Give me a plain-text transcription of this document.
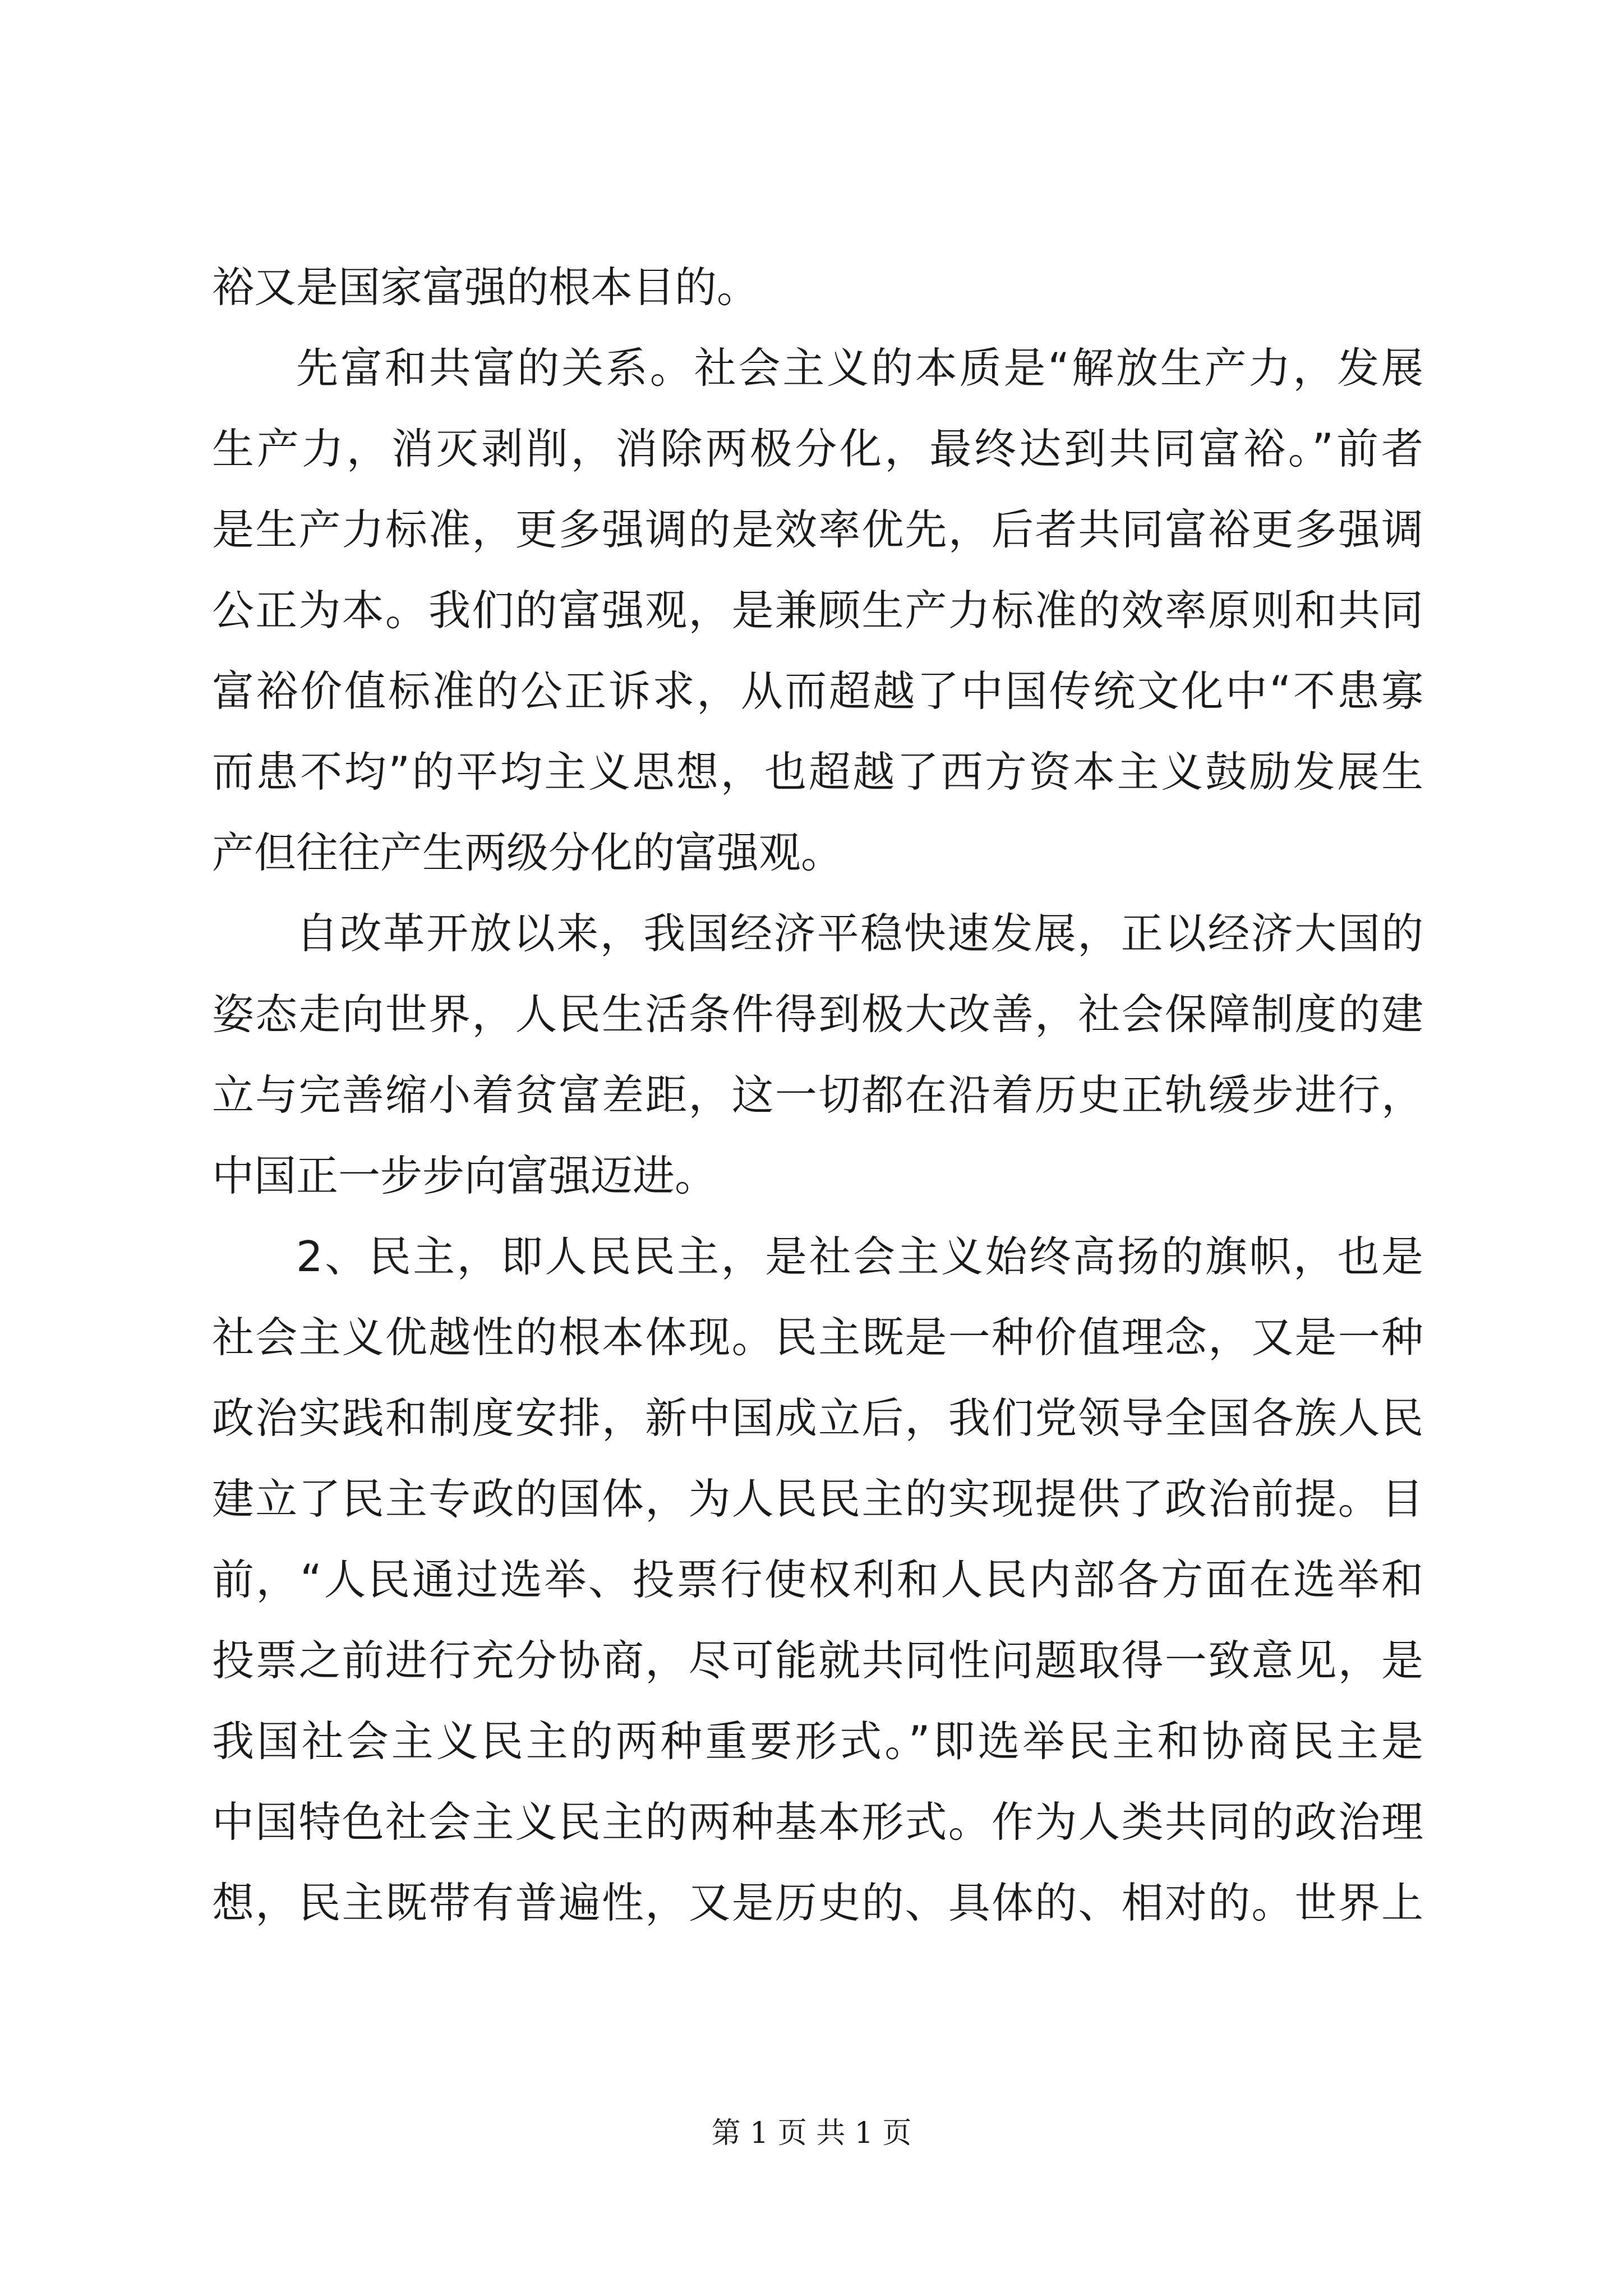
裕又是国家富强的根本目的。
先富和共富的关系。社会主义的本质是“解放生产力，发展
生产力，消灭剥削，消除两极分化，最终达到共同富裕。”前者
是生产力标准，更多强调的是效率优先，后者共同富裕更多强调
公正为本。我们的富强观，是兼顾生产力标准的效率原则和共同
富裕价值标准的公正诉求，从而超越了中国传统文化中“不患寡
而患不均”的平均主义思想，也超越了西方资本主义鼓励发展生
产但往往产生两级分化的富强观。
自改革开放以来，我国经济平稳快速发展，正以经济大国的
姿态走向世界，人民生活条件得到极大改善，社会保障制度的建
立与完善缩小着贫富差距，这一切都在沿着历史正轨缓步进行，
中国正一步步向富强迈进。
2、民主，即人民民主，是社会主义始终高扬的旗帜，也是
社会主义优越性的根本体现。民主既是一种价值理念，又是一种
政治实践和制度安排，新中国成立后，我们党领导全国各族人民
建立了民主专政的国体，为人民民主的实现提供了政治前提。目
前，“人民通过选举、投票行使权利和人民内部各方面在选举和
投票之前进行充分协商，尽可能就共同性问题取得一致意见，是
我国社会主义民主的两种重要形式。”即选举民主和协商民主是
中国特色社会主义民主的两种基本形式。作为人类共同的政治理
想，民主既带有普遍性，又是历史的、具体的、相对的。世界上
第 1 页 共 1 页
